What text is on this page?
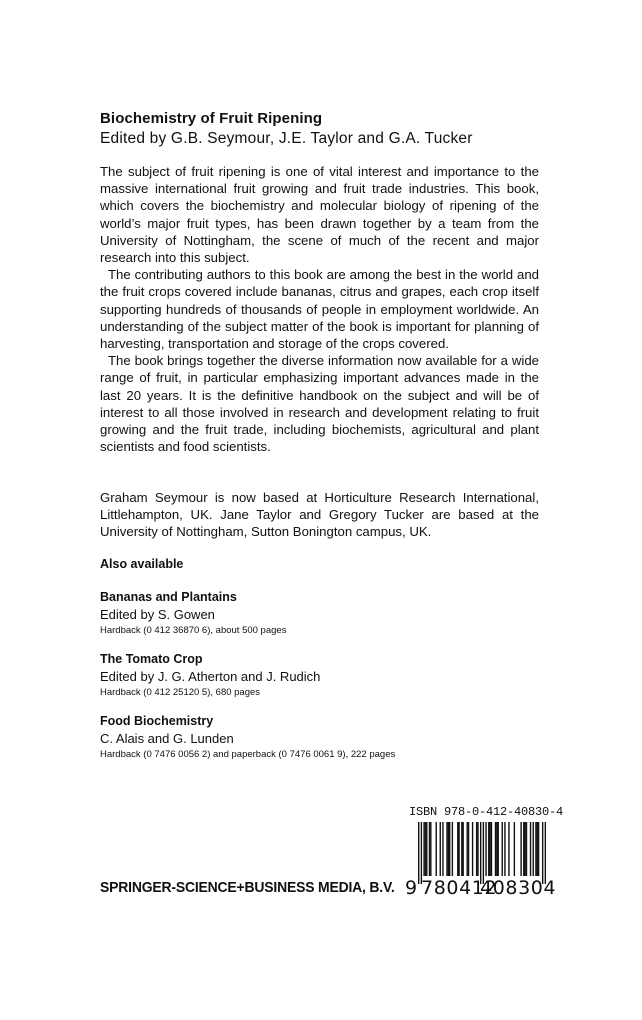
Biochemistry of Fruit Ripening
Edited by G.B. Seymour, J.E. Taylor and G.A. Tucker

The subject of fruit ripening is one of vital interest and importance to the massive international fruit growing and fruit trade industries. This book, which covers the biochemistry and molecular biology of ripening of the world’s major fruit types, has been drawn together by a team from the University of Nottingham, the scene of much of the recent and major research into this subject.

The contributing authors to this book are among the best in the world and the fruit crops covered include bananas, citrus and grapes, each crop itself supporting hundreds of thousands of people in employment worldwide. An understanding of the subject matter of the book is important for planning of harvesting, transportation and storage of the crops covered.

The book brings together the diverse information now available for a wide range of fruit, in particular emphasizing important advances made in the last 20 years. It is the definitive handbook on the subject and will be of interest to all those involved in research and development relating to fruit growing and the fruit trade, including biochemists, agricultural and plant scientists and food scientists.

Graham Seymour is now based at Horticulture Research International, Littlehampton, UK. Jane Taylor and Gregory Tucker are based at the University of Nottingham, Sutton Bonington campus, UK.
Also available
Bananas and Plantains
Edited by S. Gowen
Hardback (0 412 36870 6), about 500 pages
The Tomato Crop
Edited by J. G. Atherton and J. Rudich
Hardback (0 412 25120 5), 680 pages
Food Biochemistry
C. Alais and G. Lunden
Hardback (0 7476 0056 2) and paperback (0 7476 0061 9), 222 pages
ISBN 978-0-412-40830-4
9 780412
408304
SPRINGER-SCIENCE+BUSINESS MEDIA, B.V.
